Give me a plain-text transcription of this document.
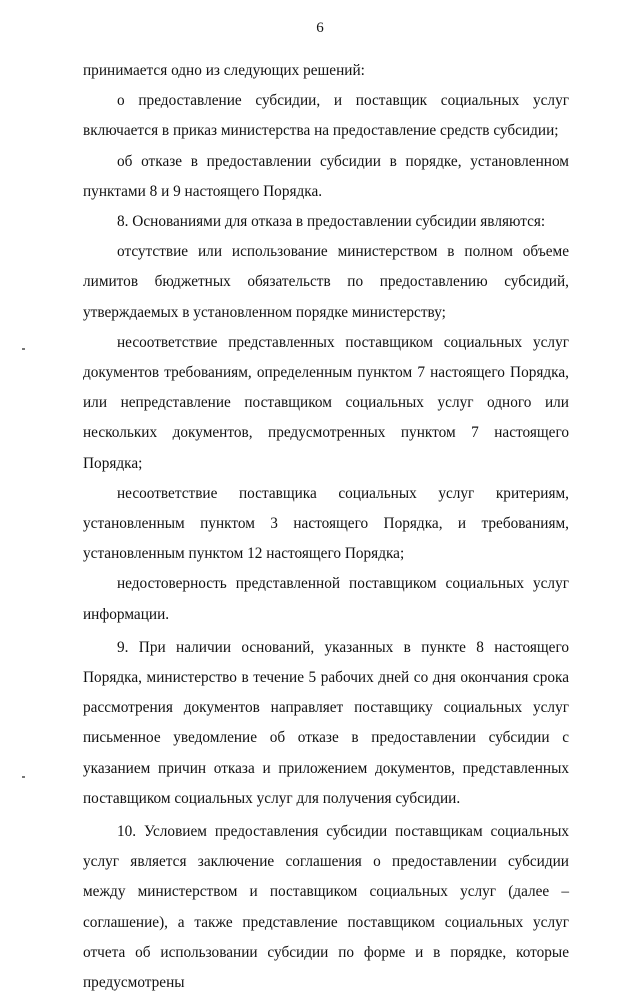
6

принимается одно из следующих решений:

о предоставление субсидии, и поставщик социальных услуг включается в приказ министерства на предоставление средств субсидии;

об отказе в предоставлении субсидии в порядке, установленном пунктами 8 и 9 настоящего Порядка.

8. Основаниями для отказа в предоставлении субсидии являются:

отсутствие или использование министерством в полном объеме лимитов бюджетных обязательств по предоставлению субсидий, утверждаемых в установленном порядке министерству;

несоответствие представленных поставщиком социальных услуг документов требованиям, определенным пунктом 7 настоящего Порядка, или непредставление поставщиком социальных услуг одного или нескольких документов, предусмотренных пунктом 7 настоящего Порядка;

несоответствие поставщика социальных услуг критериям, установленным пунктом 3 настоящего Порядка, и требованиям, установленным пунктом 12 настоящего Порядка;

недостоверность представленной поставщиком социальных услуг информации.

9. При наличии оснований, указанных в пункте 8 настоящего Порядка, министерство в течение 5 рабочих дней со дня окончания срока рассмотрения документов направляет поставщику социальных услуг письменное уведомление об отказе в предоставлении субсидии с указанием причин отказа и приложением документов, представленных поставщиком социальных услуг для получения субсидии.

10. Условием предоставления субсидии поставщикам социальных услуг является заключение соглашения о предоставлении субсидии между министерством и поставщиком социальных услуг (далее – соглашение), а также представление поставщиком социальных услуг отчета об использовании субсидии по форме и в порядке, которые предусмотрены
